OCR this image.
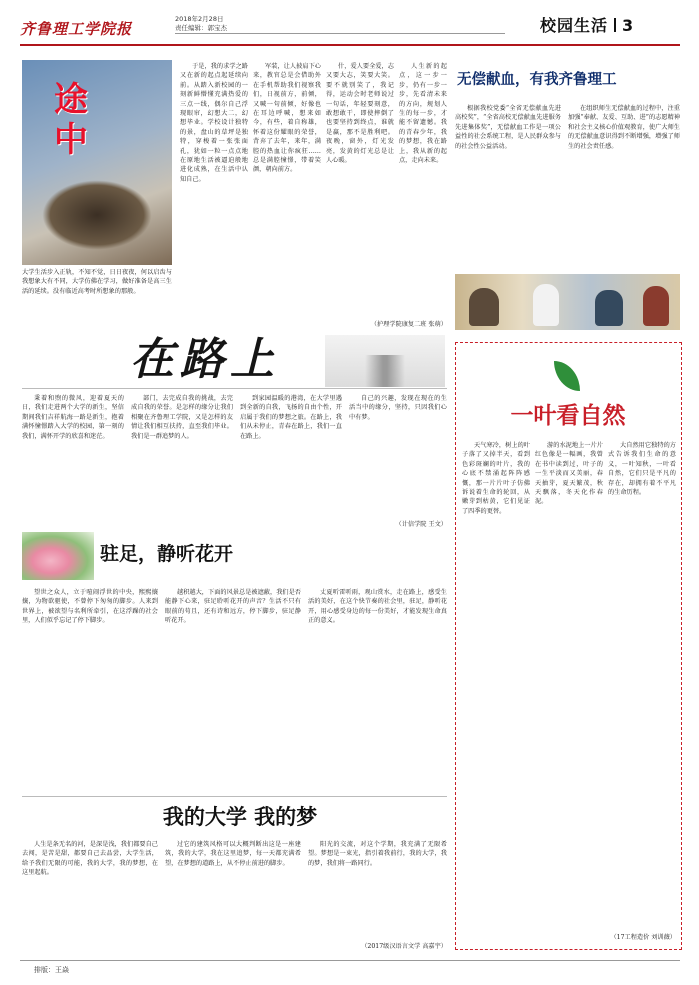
齐鲁理工学院报
2018年2月28日
责任编辑：郭宝杰	校园生活 3
途中
大学生活步入正轨，不知不觉，日日夜夜，何以启齿与我想象大有不同，大学仿佛在学习，做好准备是高三生活的延续。没有临近高考时所想象的那般。

于是，我的求学之路又在新的起点起延续向前。从踏入新校园的一刻新鲜懵懂充满热爱的三点一线，偶尔自己浮现眼帘，幻想大二，幻想毕业。学校设计独特的景，盘山的草坪是独特，穿梭着一张张面孔，犹如一粒一点点地在原地生活被逼迫般地进化成熟，在生活中认知自己。

军装，让人披肩下心来，教官总是会借助外在手机帮助我们视察我们，日视前方，前倾，又喊一句前倾，好像也在耳边呼喊，想来如今，有些，着自称雄，怀着这份耀眼的荣誉，背弃了去年，来年，满腔的热血让你疯狂……总是满腔憧憬，带着笑颜，朝向前方。

什，爱人要全爱，志又要大志，笑要大笑。要不就别笑了，我记得，运动会时老师说过一句话，年轻要刻意，敢想敢干，即使摔倒了也要坚持到终点，谁就是赢，那不是胜利吧。夜晚，窗外，灯光发亮，发黄的灯光总是让人心暖。

人生新的起点，这一步一步，仍有一步一步，先看清未来的方向，规划人生的每一步，才能不留遗憾。我的青春少年，我的梦想，我在路上，我从新的起点，走向未来。

（护理学院康复二班 张萌）
无偿献血，有我齐鲁理工

根据我校党委“全省无偿献血先进高校奖”，“全省高校无偿献血先进服务先进集体奖”，无偿献血工作是一项公益性的社会系统工程，是人民群众参与的社会性公益活动。

在组织师生无偿献血的过程中，注重加强“奉献、友爱、互助、进”的志愿精神和社会主义核心价值观教育，使广大师生的无偿献血意识得到不断增强，增强了师生的社会责任感。

在路上

秉着和煦的微风，迎着夏天的日，我们走进两个大学的新生，坚信期间我们吉祥航海一路是新生，抱着满怀憧憬踏入大学的校园，第一刻的我们，满怀开学的欣喜和迷茫。

部门，去完成自我的挑战，去完成自我的荣誉。是怎样的缘分让我们相聚在齐鲁理工学院，又是怎样的友情让我们相互扶持，直至我们毕业。我们是一群追梦的人。

到家园温暖的港湾，在大学里遇到全新的自我，飞扬的自由个性，开启属于我们的梦想之旅。在路上，我们从未停止，青春在路上，我们一直在路上。

自己的兴趣，发现在现在的生活当中的缘分，坚持，只因我们心中有梦。

（计信学院 王文）
一叶看自然

天气寒冷，树上的叶子落了又掉半天，看到色彩斑斓的叶片，我的心底不禁涌起阵阵感慨，那一片片叶子仿佛诉说着生命的轮回，从嫩芽到枯黄，它们见证了四季的更替。

游的水泥地上一片片红色像是一幅画，我曾在书中读到过，叶子的一生平淡而又美丽，春天抽芽，夏天繁茂，秋天飘落，冬天化作春泥。

大自然用它独特的方式告诉我们生命的意义，一叶知秋，一叶看自然，它们只是平凡的存在，却拥有着不平凡的生命历程。

（17工程造价 刘训薇）
驻足，静听花开

望世之众人，立于喧闹浮世的中央，熙熙攘攘，为物欲驱使，不曾停下匆匆的脚步。人来到世界上，被欲望与名利所牵引，在这浮躁的社会里，人们似乎忘记了停下脚步。

越积越大，下面的风景总是被遮蔽，我们是否能静下心来，驻足聆听花开的声音？生活不只有眼前的苟且，还有诗和远方，停下脚步，驻足静听花开。

丈夏听雷听雨，观山赏水，走在路上，感受生活的美好，在这个快节奏的社会里，驻足，静听花开，用心感受身边的每一份美好，才能发现生命真正的意义。

我的大学 我的梦

人生是条无名的河，是深是浅，我们都要自己去闯，是苦是甜，都要自己去品尝，大学生活，给予我们无限的可能，我的大学，我的梦想，在这里起航。

过它的建筑风格可以大概判断出这是一座建筑，我的大学，我在这里追梦，每一天都充满希望，在梦想的道路上，从不停止前进的脚步。

阳光的交流，对这个学期，我充满了无限希望。梦想是一束光，指引着我前行，我的大学，我的梦，我们将一路同行。

（2017级汉语言文学 高嘉宇）
排版：王焱
